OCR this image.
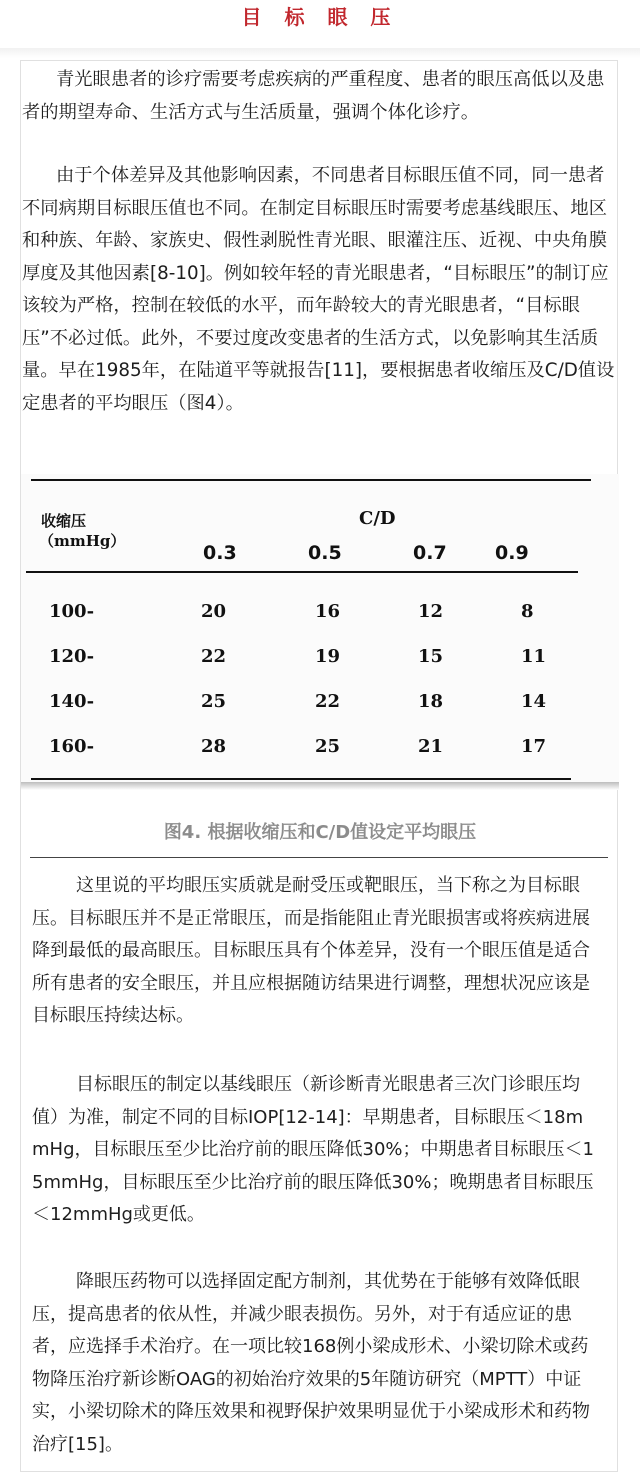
目 标 眼 压

青光眼患者的诊疗需要考虑疾病的严重程度、患者的眼压高低以及患者的期望寿命、生活方式与生活质量，强调个体化诊疗。

由于个体差异及其他影响因素，不同患者目标眼压值不同，同一患者不同病期目标眼压值也不同。在制定目标眼压时需要考虑基线眼压、地区和种族、年龄、家族史、假性剥脱性青光眼、眼灌注压、近视、中央角膜厚度及其他因素[8-10]。例如较年轻的青光眼患者，“目标眼压”的制订应该较为严格，控制在较低的水平，而年龄较大的青光眼患者，“目标眼压”不必过低。此外，不要过度改变患者的生活方式，以免影响其生活质量。早在1985年，在陆道平等就报告[11]，要根据患者收缩压及C/D值设定患者的平均眼压（图4）。

收缩压
（mmHg）
C/D
0.3	0.5	0.7	0.9
100-	20	16	12	8
120-	22	19	15	11
140-	25	22	18	14
160-	28	25	21	17
图4. 根据收缩压和C/D值设定平均眼压

这里说的平均眼压实质就是耐受压或靶眼压，当下称之为目标眼压。目标眼压并不是正常眼压，而是指能阻止青光眼损害或将疾病进展降到最低的最高眼压。目标眼压具有个体差异，没有一个眼压值是适合所有患者的安全眼压，并且应根据随访结果进行调整，理想状况应该是目标眼压持续达标。

目标眼压的制定以基线眼压（新诊断青光眼患者三次门诊眼压均值）为准，制定不同的目标IOP[12-14]：早期患者，目标眼压＜18mmHg，目标眼压至少比治疗前的眼压降低30%；中期患者目标眼压＜15mmHg，目标眼压至少比治疗前的眼压降低30%；晚期患者目标眼压＜12mmHg或更低。

降眼压药物可以选择固定配方制剂，其优势在于能够有效降低眼压，提高患者的依从性，并减少眼表损伤。另外，对于有适应证的患者，应选择手术治疗。在一项比较168例小梁成形术、小梁切除术或药物降压治疗新诊断OAG的初始治疗效果的5年随访研究（MPTT）中证实，小梁切除术的降压效果和视野保护效果明显优于小梁成形术和药物治疗[15]。
